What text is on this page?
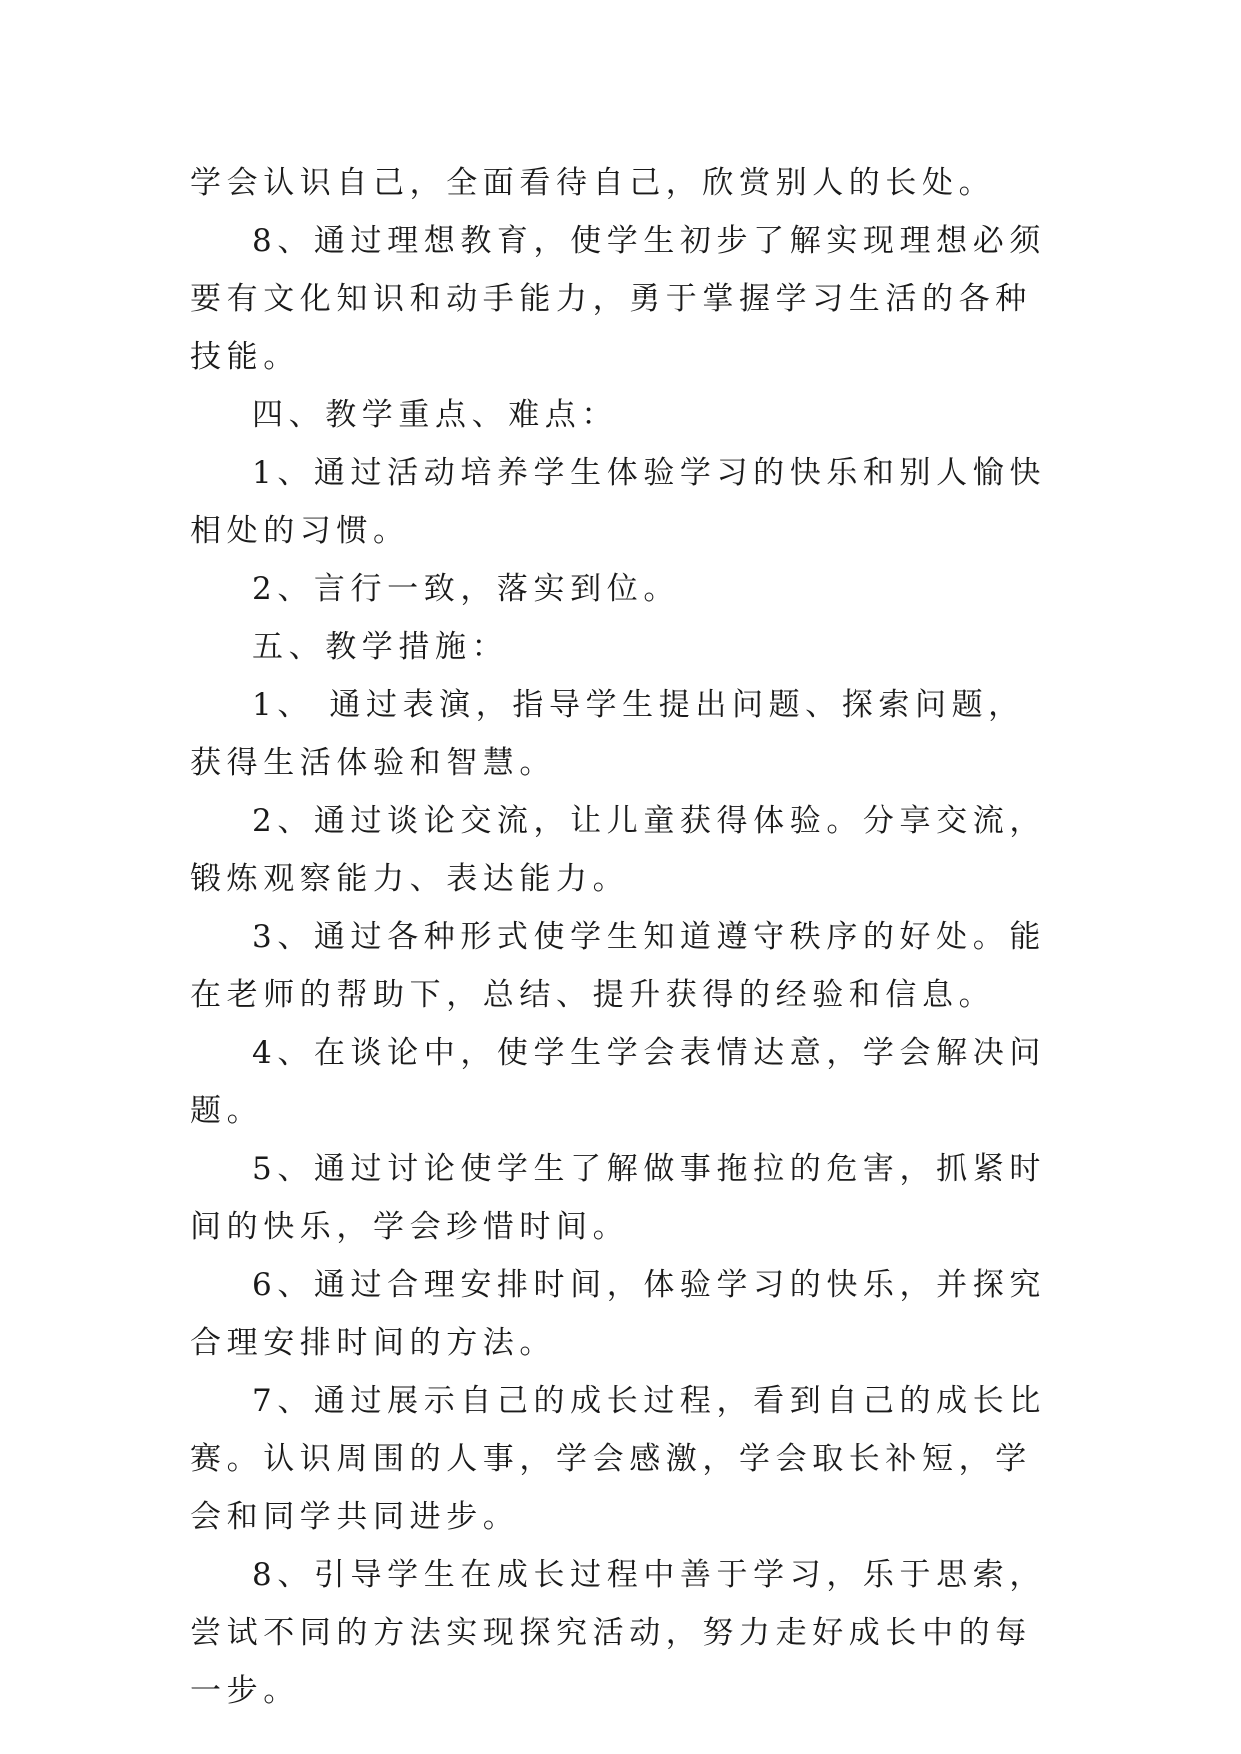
学会认识自己，全面看待自己，欣赏别人的长处。

8、通过理想教育，使学生初步了解实现理想必须要有文化知识和动手能力，勇于掌握学习生活的各种技能。

四、教学重点、难点：

1、通过活动培养学生体验学习的快乐和别人愉快相处的习惯。

2、言行一致，落实到位。

五、教学措施：

1、 通过表演，指导学生提出问题、探索问题，获得生活体验和智慧。

2、通过谈论交流，让儿童获得体验。分享交流，锻炼观察能力、表达能力。

3、通过各种形式使学生知道遵守秩序的好处。能在老师的帮助下，总结、提升获得的经验和信息。

4、在谈论中，使学生学会表情达意，学会解决问题。

5、通过讨论使学生了解做事拖拉的危害，抓紧时间的快乐，学会珍惜时间。

6、通过合理安排时间，体验学习的快乐，并探究合理安排时间的方法。

7、通过展示自己的成长过程，看到自己的成长比赛。认识周围的人事，学会感激，学会取长补短，学会和同学共同进步。

8、引导学生在成长过程中善于学习，乐于思索，尝试不同的方法实现探究活动，努力走好成长中的每一步。
